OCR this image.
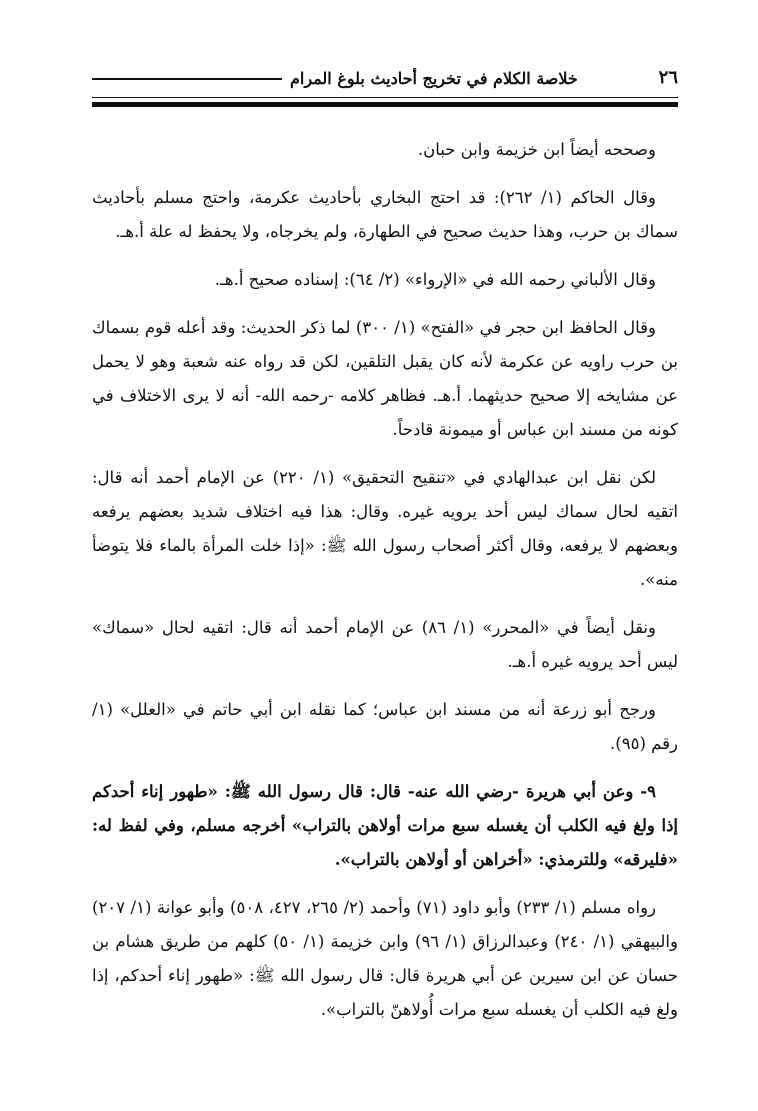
٢٦
خلاصة الكلام في تخريج أحاديث بلوغ المرام

وصححه أيضاً ابن خزيمة وابن حبان.

وقال الحاكم (١/ ٢٦٢): قد احتج البخاري بأحاديث عكرمة، واحتج مسلم بأحاديث سماك بن حرب، وهذا حديث صحيح في الطهارة، ولم يخرجاه، ولا يحفظ له علة أ.هـ.

وقال الألباني رحمه الله في «الإرواء» (٢/ ٦٤): إسناده صحيح أ.هـ.

وقال الحافظ ابن حجر في «الفتح» (١/ ٣٠٠) لما ذكر الحديث: وقد أعله قوم بسماك بن حرب راويه عن عكرمة لأنه كان يقبل التلقين، لكن قد رواه عنه شعبة وهو لا يحمل عن مشايخه إلا صحيح حديثهما. أ.هـ. فظاهر كلامه -رحمه الله- أنه لا يرى الاختلاف في كونه من مسند ابن عباس أو ميمونة قادحاً.

لكن نقل ابن عبدالهادي في «تنقيح التحقيق» (١/ ٢٢٠) عن الإمام أحمد أنه قال: اتقيه لحال سماك ليس أحد يرويه غيره. وقال: هذا فيه اختلاف شديد بعضهم يرفعه وبعضهم لا يرفعه، وقال أكثر أصحاب رسول الله ﷺ: «إذا خلت المرأة بالماء فلا يتوضأ منه».

ونقل أيضاً في «المحرر» (١/ ٨٦) عن الإمام أحمد أنه قال: اتقيه لحال «سماك» ليس أحد يرويه غيره أ.هـ.

ورجح أبو زرعة أنه من مسند ابن عباس؛ كما نقله ابن أبي حاتم في «العلل» (١/ رقم (٩٥).

٩- وعن أبي هريرة -رضي الله عنه- قال: قال رسول الله ﷺ: «طهور إناء أحدكم إذا ولغ فيه الكلب أن يغسله سبع مرات أولاهن بالتراب» أخرجه مسلم، وفي لفظ له: «فليرقه» وللترمذي: «أخراهن أو أولاهن بالتراب».

رواه مسلم (١/ ٢٣٣) وأبو داود (٧١) وأحمد (٢/ ٢٦٥، ٤٢٧، ٥٠٨) وأبو عوانة (١/ ٢٠٧) والبيهقي (١/ ٢٤٠) وعبدالرزاق (١/ ٩٦) وابن خزيمة (١/ ٥٠) كلهم من طريق هشام بن حسان عن ابن سيرين عن أبي هريرة قال: قال رسول الله ﷺ: «طهور إناء أحدكم، إذا ولغ فيه الكلب أن يغسله سبع مرات أُولاهنّ بالتراب».
